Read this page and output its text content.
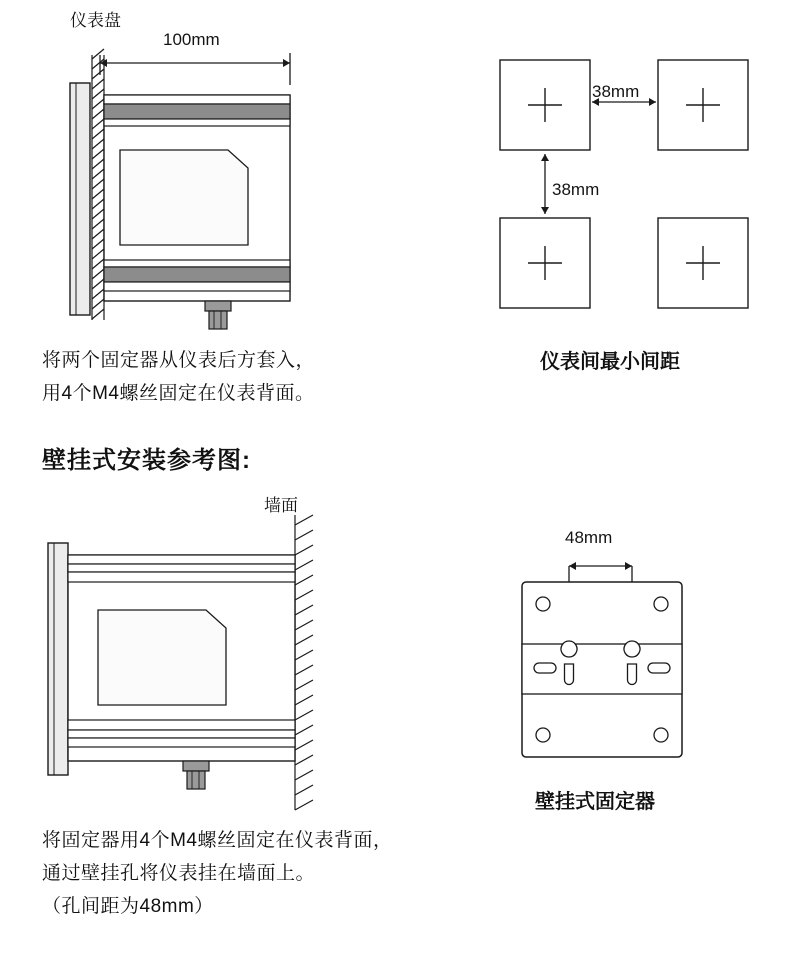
仪表盘
100mm
将两个固定器从仪表后方套入，
用4个M4螺丝固定在仪表背面。
38mm
38mm
仪表间最小间距
壁挂式安装参考图:
墙面
将固定器用4个M4螺丝固定在仪表背面，
通过壁挂孔将仪表挂在墙面上。
（孔间距为48mm）
48mm
壁挂式固定器
